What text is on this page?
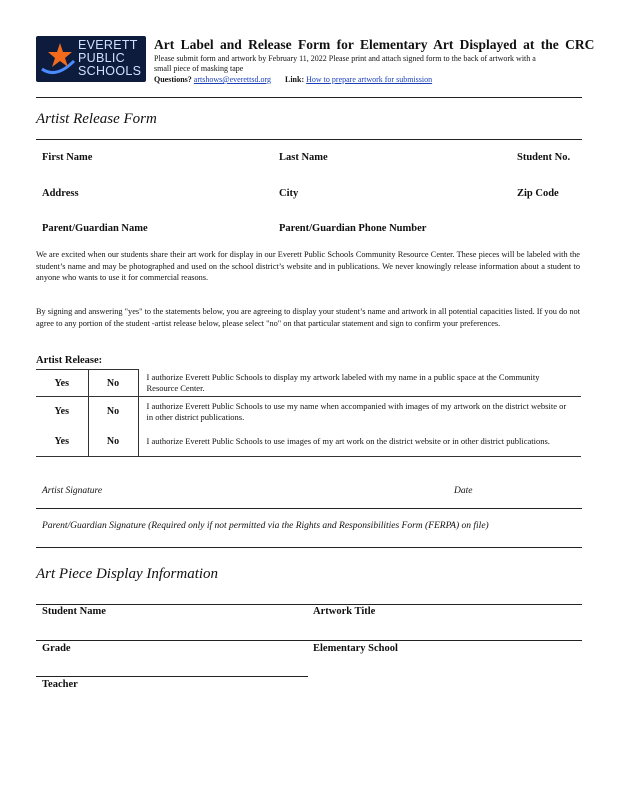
EVERETT
PUBLIC
SCHOOLS
Art Label and Release Form for Elementary Art Displayed at the CRC
Please submit form and artwork by February 11, 2022 Please print and attach signed form to the back of artwork with a
small piece of masking tape
Questions? artshows@everettsd.org Link: How to prepare artwork for submission
Artist Release Form
First Name	Last Name	Student No.
Address	City	Zip Code
Parent/Guardian Name	Parent/Guardian Phone Number
We are excited when our students share their art work for display in our Everett Public Schools Community Resource Center. These pieces will be labeled with the student’s name and may be photographed and used on the school district’s website and in publications. We never knowingly release information about a student to anyone who wants to use it for commercial reasons.
By signing and answering "yes" to the statements below, you are agreeing to display your student’s name and artwork in all potential capacities listed. If you do not agree to any portion of the student -artist release below, please select "no" on that particular statement and sign to confirm your preferences.
Artist Release:
Yes	No	I authorize Everett Public Schools to display my artwork labeled with my name in a public space at the Community Resource Center.
Yes	No	I authorize Everett Public Schools to use my name when accompanied with images of my artwork on the district website or in other district publications.
Yes	No	I authorize Everett Public Schools to use images of my art work on the district website or in other district publications.
Artist Signature	Date
Parent/Guardian Signature (Required only if not permitted via the Rights and Responsibilities Form (FERPA) on file)
Art Piece Display Information
Student Name	Artwork Title
Grade	Elementary School
Teacher
